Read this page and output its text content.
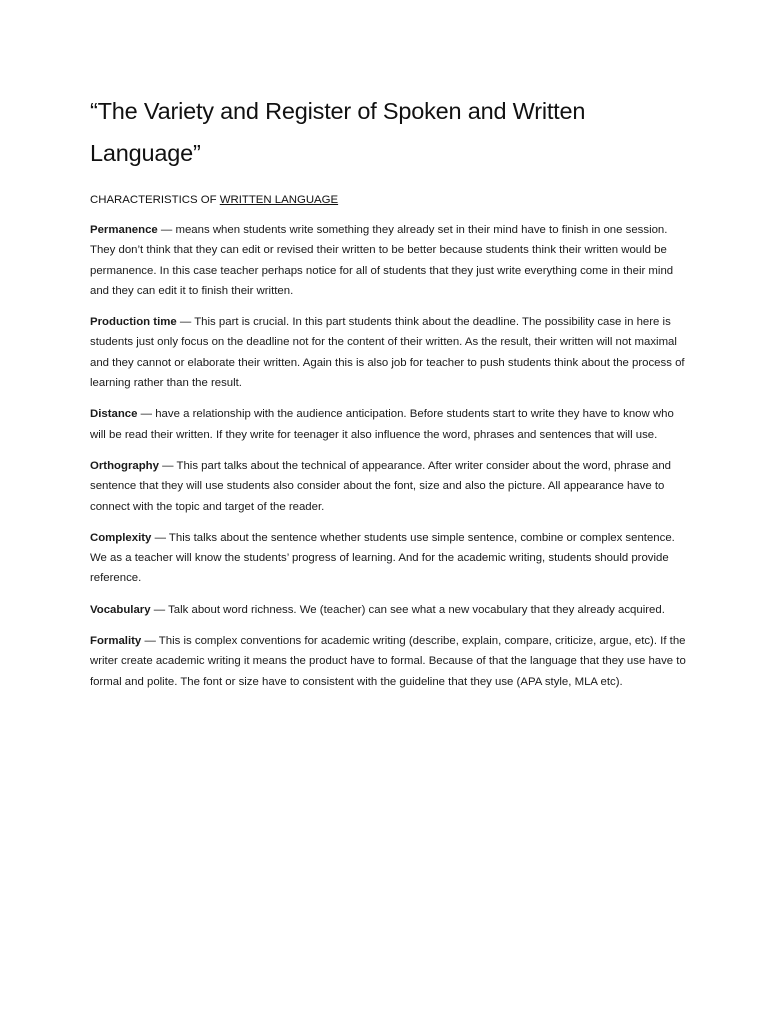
“The Variety and Register of Spoken and Written Language”

CHARACTERISTICS OF WRITTEN LANGUAGE

Permanence — means when students write something they already set in their mind have to finish in one session. They don’t think that they can edit or revised their written to be better because students think their written would be permanence. In this case teacher perhaps notice for all of students that they just write everything come in their mind and they can edit it to finish their written.

Production time — This part is crucial. In this part students think about the deadline. The possibility case in here is students just only focus on the deadline not for the content of their written. As the result, their written will not maximal and they cannot or elaborate their written. Again this is also job for teacher to push students think about the process of learning rather than the result.

Distance — have a relationship with the audience anticipation. Before students start to write they have to know who will be read their written. If they write for teenager it also influence the word, phrases and sentences that will use.

Orthography — This part talks about the technical of appearance. After writer consider about the word, phrase and sentence that they will use students also consider about the font, size and also the picture. All appearance have to connect with the topic and target of the reader.

Complexity — This talks about the sentence whether students use simple sentence, combine or complex sentence. We as a teacher will know the students’ progress of learning. And for the academic writing, students should provide reference.

Vocabulary — Talk about word richness. We (teacher) can see what a new vocabulary that they already acquired.

Formality — This is complex conventions for academic writing (describe, explain, compare, criticize, argue, etc). If the writer create academic writing it means the product have to formal. Because of that the language that they use have to formal and polite. The font or size have to consistent with the guideline that they use (APA style, MLA etc).
